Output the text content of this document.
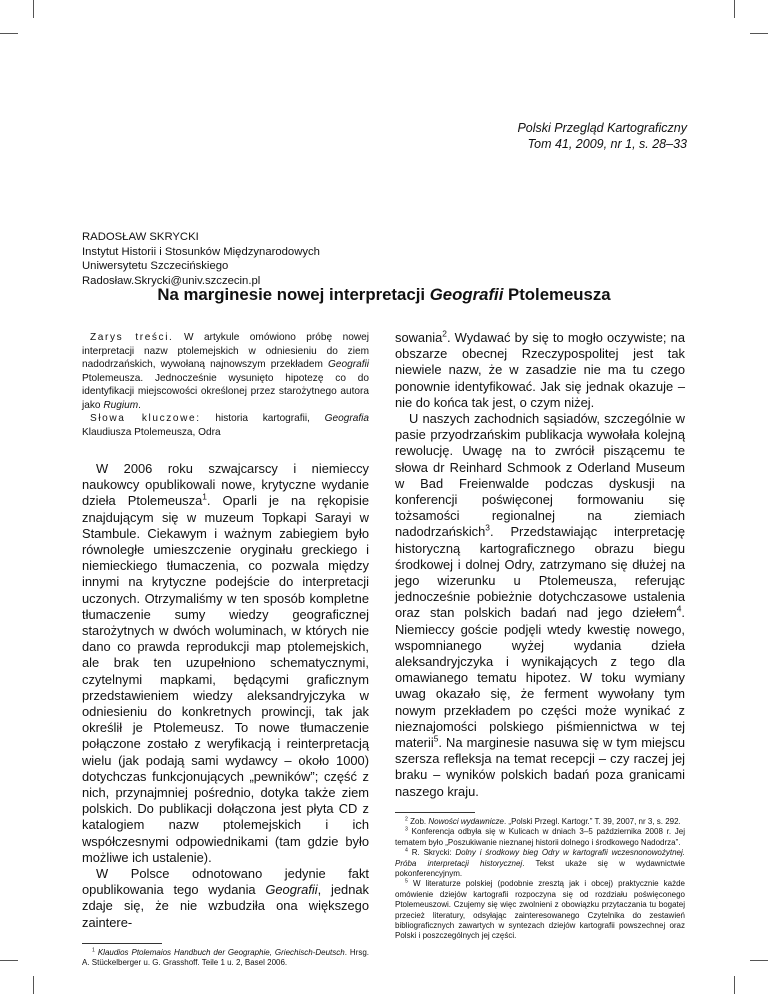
Polski Przegląd Kartograficzny
Tom 41, 2009, nr 1, s. 28–33
RADOSŁAW SKRYCKI
Instytut Historii i Stosunków Międzynarodowych
Uniwersytetu Szczecińskiego
Radosław.Skrycki@univ.szczecin.pl
Na marginesie nowej interpretacji Geografii Ptolemeusza

Zarys treści. W artykule omówiono próbę nowej interpretacji nazw ptolemejskich w odniesieniu do ziem nadodrzańskich, wywołaną najnowszym przekładem Geografii Ptolemeusza. Jednocześnie wysunięto hipotezę co do identyfikacji miejscowości określonej przez starożytnego autora jako Rugium.

Słowa kluczowe: historia kartografii, Geografia Klaudiusza Ptolemeusza, Odra

W 2006 roku szwajcarscy i niemieccy naukowcy opublikowali nowe, krytyczne wydanie dzieła Ptolemeusza$^1$. Oparli je na rękopisie znajdującym się w muzeum Topkapi Sarayi w Stambule. Ciekawym i ważnym zabiegiem było równoległe umieszczenie oryginału greckiego i niemieckiego tłumaczenia, co pozwala między innymi na krytyczne podejście do interpretacji uczonych. Otrzymaliśmy w ten sposób kompletne tłumaczenie sumy wiedzy geograficznej starożytnych w dwóch woluminach, w których nie dano co prawda reprodukcji map ptolemejskich, ale brak ten uzupełniono schematycznymi, czytelnymi mapkami, będącymi graficznym przedstawieniem wiedzy aleksandryjczyka w odniesieniu do konkretnych prowincji, tak jak określił je Ptolemeusz. To nowe tłumaczenie połączone zostało z weryfikacją i reinterpretacją wielu (jak podają sami wydawcy – około 1000) dotychczas funkcjonujących „pewników”; część z nich, przynajmniej pośrednio, dotyka także ziem polskich. Do publikacji dołączona jest płyta CD z katalogiem nazw ptolemejskich i ich współczesnymi odpowiednikami (tam gdzie było możliwe ich ustalenie).

W Polsce odnotowano jedynie fakt opublikowania tego wydania Geografii, jednak zdaje się, że nie wzbudziła ona większego zaintere-

$^1$ Klaudios Ptolemaios Handbuch der Geographie, Griechisch-Deutsch. Hrsg. A. Stückelberger u. G. Grasshoff. Teile 1 u. 2, Basel 2006.

sowania$^2$. Wydawać by się to mogło oczywiste; na obszarze obecnej Rzeczypospolitej jest tak niewiele nazw, że w zasadzie nie ma tu czego ponownie identyfikować. Jak się jednak okazuje – nie do końca tak jest, o czym niżej.

U naszych zachodnich sąsiadów, szczególnie w pasie przyodrzańskim publikacja wywołała kolejną rewolucję. Uwagę na to zwrócił piszącemu te słowa dr Reinhard Schmook z Oderland Museum w Bad Freienwalde podczas dyskusji na konferencji poświęconej formowaniu się tożsamości regionalnej na ziemiach nadodrzańskich$^3$. Przedstawiając interpretację historyczną kartograficznego obrazu biegu środkowej i dolnej Odry, zatrzymano się dłużej na jego wizerunku u Ptolemeusza, referując jednocześnie pobieżnie dotychczasowe ustalenia oraz stan polskich badań nad jego dziełem$^4$. Niemieccy goście podjęli wtedy kwestię nowego, wspomnianego wyżej wydania dzieła aleksandryjczyka i wynikających z tego dla omawianego tematu hipotez. W toku wymiany uwag okazało się, że ferment wywołany tym nowym przekładem po części może wynikać z nieznajomości polskiego piśmiennictwa w tej materii$^5$. Na marginesie nasuwa się w tym miejscu szersza refleksja na temat recepcji – czy raczej jej braku – wyników polskich badań poza granicami naszego kraju.

$^2$ Zob. Nowości wydawnicze. „Polski Przegl. Kartogr.” T. 39, 2007, nr 3, s. 292.

$^3$ Konferencja odbyła się w Kulicach w dniach 3–5 października 2008 r. Jej tematem było „Poszukiwanie nieznanej historii dolnego i środkowego Nadodrza”.

$^4$ R. Skrycki: Dolny i środkowy bieg Odry w kartografii wczesnonowożytnej. Próba interpretacji historycznej. Tekst ukaże się w wydawnictwie pokonferencyjnym.

$^5$ W literaturze polskiej (podobnie zresztą jak i obcej) praktycznie każde omówienie dziejów kartografii rozpoczyna się od rozdziału poświęconego Ptolemeuszowi. Czujemy się więc zwolnieni z obowiązku przytaczania tu bogatej przecież literatury, odsyłając zainteresowanego Czytelnika do zestawień bibliograficznych zawartych w syntezach dziejów kartografii powszechnej oraz Polski i poszczególnych jej części.
